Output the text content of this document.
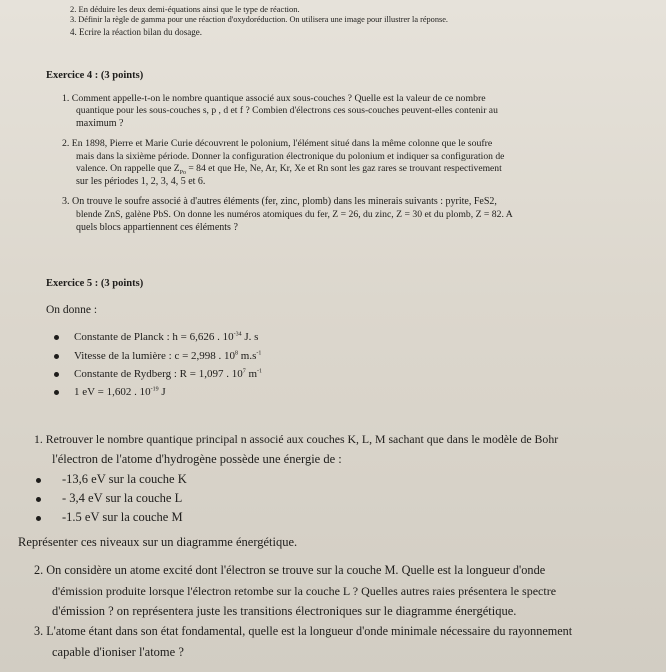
2. En déduire les deux demi-équations ainsi que le type de réaction.
3. Définir la règle de gamma pour une réaction d'oxydoréduction. On utilisera une image pour illustrer la réponse.
4. Ecrire la réaction bilan du dosage.
Exercice 4 : (3 points)
1. Comment appelle-t-on le nombre quantique associé aux sous-couches ? Quelle est la valeur de ce nombre
quantique pour les sous-couches s, p , d et f ? Combien d'électrons ces sous-couches peuvent-elles contenir au
maximum ?
2. En 1898, Pierre et Marie Curie découvrent le polonium, l'élément situé dans la même colonne que le soufre
mais dans la sixième période. Donner la configuration électronique du polonium et indiquer sa configuration de
valence. On rappelle que $Z_{Po} = 84$ et que He, Ne, Ar, Kr, Xe et Rn sont les gaz rares se trouvant respectivement
sur les périodes 1, 2, 3, 4, 5 et 6.
3. On trouve le soufre associé à d'autres éléments (fer, zinc, plomb) dans les minerais suivants : pyrite, FeS2,
blende ZnS, galène PbS. On donne les numéros atomiques du fer, Z = 26, du zinc, Z = 30 et du plomb, Z = 82. A
quels blocs appartiennent ces éléments ?
Exercice 5 : (3 points)
On donne :
Constante de Planck : h = 6,626 . $10^{-34}$ J. s
Vitesse de la lumière : c = 2,998 . $10^8$ $m.s^{-1}$
Constante de Rydberg : R = 1,097 . $10^7$ $m^{-1}$
1 eV = 1,602 . $10^{-19}$ J
1. Retrouver le nombre quantique principal n associé aux couches K, L, M sachant que dans le modèle de Bohr
l'électron de l'atome d'hydrogène possède une énergie de :
-13,6 eV sur la couche K
- 3,4 eV sur la couche L
-1.5 eV sur la couche M
Représenter ces niveaux sur un diagramme énergétique.
2. On considère un atome excité dont l'électron se trouve sur la couche M. Quelle est la longueur d'onde
d'émission produite lorsque l'électron retombe sur la couche L ? Quelles autres raies présentera le spectre
d'émission ? on représentera juste les transitions électroniques sur le diagramme énergétique.
3. L'atome étant dans son état fondamental, quelle est la longueur d'onde minimale nécessaire du rayonnement
capable d'ioniser l'atome ?
